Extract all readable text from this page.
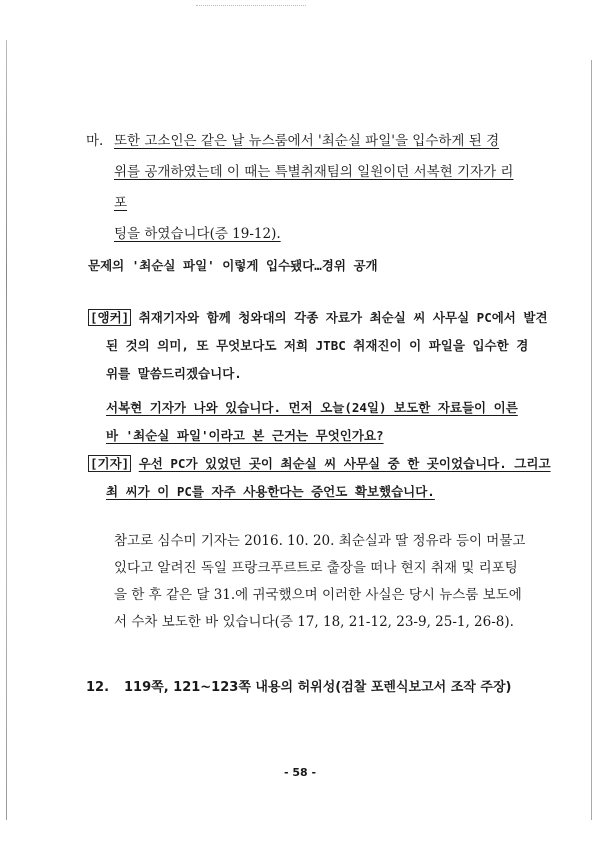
마. 또한 고소인은 같은 날 뉴스룸에서 '최순실 파일'을 입수하게 된 경

위를 공개하였는데 이 때는 특별취재팀의 일원이던 서복현 기자가 리포

팅을 하였습니다(증 19-12).

문제의 '최순실 파일' 이렇게 입수됐다…경위 공개
[앵커] 취재기자와 함께 청와대의 각종 자료가 최순실 씨 사무실 PC에서 발견
된 것의 의미, 또 무엇보다도 저희 JTBC 취재진이 이 파일을 입수한 경
위를 말씀드리겠습니다.
서복현 기자가 나와 있습니다. 먼저 오늘(24일) 보도한 자료들이 이른
바 '최순실 파일'이라고 본 근거는 무엇인가요?
[기자] 우선 PC가 있었던 곳이 최순실 씨 사무실 중 한 곳이었습니다. 그리고
최 씨가 이 PC를 자주 사용한다는 증언도 확보했습니다.

참고로 심수미 기자는 2016. 10. 20. 최순실과 딸 정유라 등이 머물고

있다고 알려진 독일 프랑크푸르트로 출장을 떠나 현지 취재 및 리포팅

을 한 후 같은 달 31.에 귀국했으며 이러한 사실은 당시 뉴스룸 보도에

서 수차 보도한 바 있습니다(증 17, 18, 21-12, 23-9, 25-1, 26-8).

12. 119쪽, 121~123쪽 내용의 허위성(검찰 포렌식보고서 조작 주장)
- 58 -
